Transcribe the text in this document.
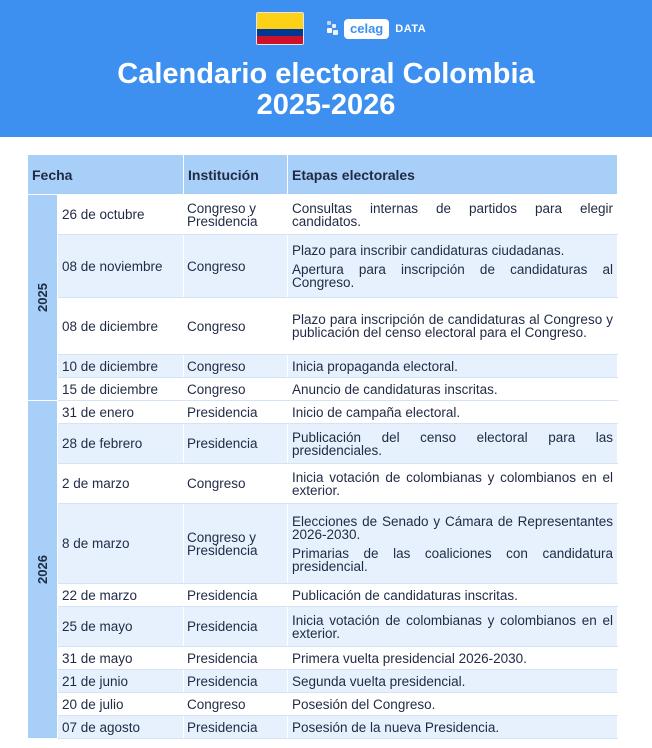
celag	DATA
Calendario electoral Colombia
2025-2026
Fecha		Institución	Etapas electorales
2025	26 de octubre	Congreso y Presidencia	Consultas internas de partidos para elegir candidatos.

	08 de noviembre	Congreso	Plazo para inscribir candidaturas ciudadanas.

Apertura para inscripción de candidaturas al Congreso.

	08 de diciembre	Congreso	Plazo para inscripción de candidaturas al Congreso y publicación del censo electoral para el Congreso.

	10 de diciembre	Congreso	Inicia propaganda electoral.

	15 de diciembre	Congreso	Anuncio de candidaturas inscritas.

2026	31 de enero	Presidencia	Inicio de campaña electoral.

	28 de febrero	Presidencia	Publicación del censo electoral para las presidenciales.

	2 de marzo	Congreso	Inicia votación de colombianas y colombianos en el exterior.

	8 de marzo	Congreso y Presidencia	Elecciones de Senado y Cámara de Representantes 2026-2030.

Primarias de las coaliciones con candidatura presidencial.

	22 de marzo	Presidencia	Publicación de candidaturas inscritas.

	25 de mayo	Presidencia	Inicia votación de colombianas y colombianos en el exterior.

	31 de mayo	Presidencia	Primera vuelta presidencial 2026-2030.

	21 de junio	Presidencia	Segunda vuelta presidencial.

	20 de julio	Congreso	Posesión del Congreso.

	07 de agosto	Presidencia	Posesión de la nueva Presidencia.
